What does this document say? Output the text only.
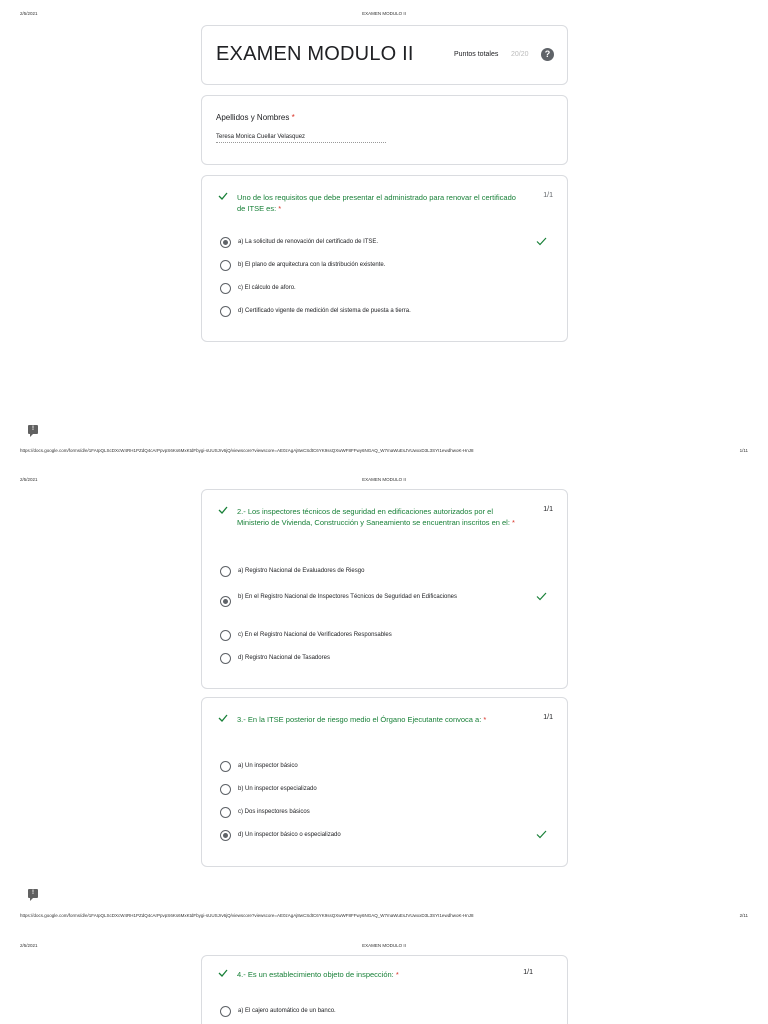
2/5/2021	EXAMEN MODULO II
EXAMEN MODULO II	Puntos totales 20/20	?
Apellidos y Nombres *
Teresa Monica Cuellar Velasquez
Uno de los requisitos que debe presentar el administrado para renovar el certificado de ITSE es: *
1/1
a) La solicitud de renovación del certificado de ITSE.
b) El plano de arquitectura con la distribución existente.
c) El cálculo de aforo.
d) Certificado vigente de medición del sistema de puesta a tierra.
!
https://docs.google.com/forms/d/e/1FAIpQLScDXcW4RH1PZdQ4cArPpvpS6Ks6MxKtdFbygi-sUUSJrv6jQ/viewscore?viewscore=AE0zAgAj8wCSdtC6YK9ssQXwWF8FFwy6NGAQ_W7maWuEsJVUwxxD3L3SYI1ewdhwoK-HnJ8	1/11
2/5/2021	EXAMEN MODULO II
2.- Los inspectores técnicos de seguridad en edificaciones autorizados por el Ministerio de Vivienda, Construcción y Saneamiento se encuentran inscritos en el: *
1/1
a) Registro Nacional de Evaluadores de Riesgo
b) En el Registro Nacional de Inspectores Técnicos de Seguridad en Edificaciones
c) En el Registro Nacional de Verificadores Responsables
d) Registro Nacional de Tasadores
3.- En la ITSE posterior de riesgo medio el Órgano Ejecutante convoca a: *	1/1
a) Un inspector básico
b) Un inspector especializado
c) Dos inspectores básicos
d) Un inspector básico o especializado
!
https://docs.google.com/forms/d/e/1FAIpQLScDXcW4RH1PZdQ4cArPpvpS6Ks6MxKtdFbygi-sUUSJrv6jQ/viewscore?viewscore=AE0zAgAj8wCSdtC6YK9ssQXwWF8FFwy6NGAQ_W7maWuEsJVUwxxD3L3SYI1ewdhwoK-HnJ8	2/11
2/5/2021	EXAMEN MODULO II
4.- Es un establecimiento objeto de inspección: *	1/1
a) El cajero automático de un banco.
